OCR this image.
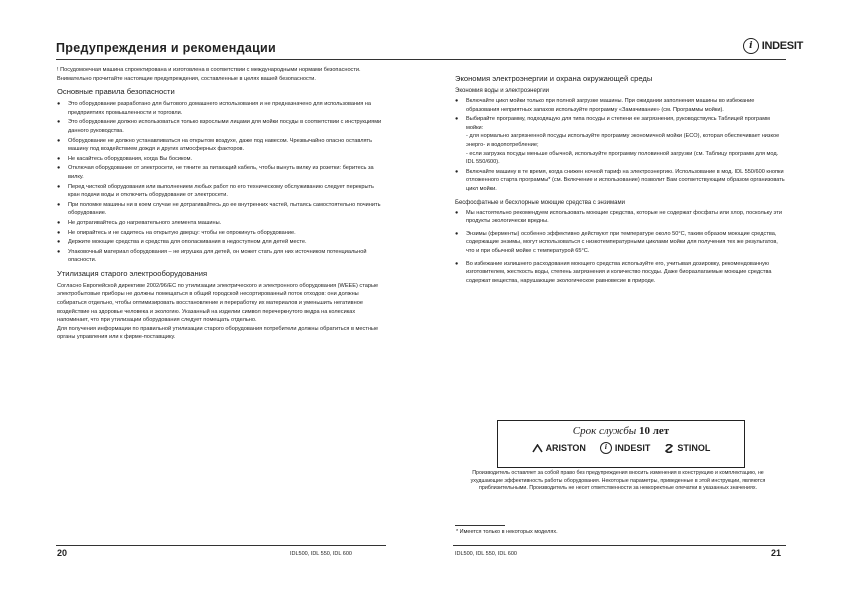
Предупреждения и рекомендации	i INDESIT

! Посудомоечная машина спроектирована и изготовлена в соответствии с международными нормами безопасности. Внимательно прочитайте настоящие предупреждения, составленные в целях вашей безопасности.

Основные правила безопасности
● Это оборудование разработано для бытового домашнего использования и не предназначено для использования на предприятиях промышленности и торговли.
● Это оборудование должно использоваться только взрослыми лицами для мойки посуды в соответствии с инструкциями данного руководства.
● Оборудование не должно устанавливаться на открытом воздухе, даже под навесом. Чрезвычайно опасно оставлять машину под воздействием дождя и других атмосферных факторов.
● Не касайтесь оборудования, когда Вы босиком.
● Отключая оборудование от электросети, не тяните за питающий кабель, чтобы вынуть вилку из розетки: беритесь за вилку.
● Перед чисткой оборудования или выполнением любых работ по его техническому обслуживанию следует перекрыть кран подачи воды и отключить оборудование от электросети.
● При поломке машины ни в коем случае не дотрагивайтесь до ее внутренних частей, пытаясь самостоятельно починить оборудование.
● Не дотрагивайтесь до нагревательного элемента машины.
● Не опирайтесь и не садитесь на открытую дверцу: чтобы не опрокинуть оборудование.
● Держите моющие средства и средства для ополаскивания в недоступном для детей месте.
● Упаковочный материал оборудования – не игрушка для детей, он может стать для них источником потенциальной опасности.
Утилизация старого электрооборудования

Согласно Европейской директиве 2002/96/EC по утилизации электрического и электронного оборудования (WEEE) старые электробытовые приборы не должны помещаться в общий городской несортированный поток отходов: они должны собираться отдельно, чтобы оптимизировать восстановление и переработку их материалов и уменьшить негативное воздействие на здоровье человека и экологию. Указанный на изделии символ перечеркнутого ведра на колесиках напоминает, что при утилизации оборудования следует помещать отдельно.

Для получения информации по правильной утилизации старого оборудования потребители должны обратиться в местные органы управления или к фирме-поставщику.

Экономия электроэнергии и охрана окружающей среды
Экономия воды и электроэнергии
● Включайте цикл мойки только при полной загрузке машины. При ожидании заполнения машины во избежание образования неприятных запахов используйте программу «Замачивание» (см. Программы мойки).
● Выбирайте программу, подходящую для типа посуды и степени ее загрязнения, руководствуясь Таблицей программ мойки:
- для нормально загрязненной посуды используйте программу экономичной мойки (ECO), которая обеспечивает низкое энерго- и водопотребление;
- если загрузка посуды меньше обычной, используйте программу половинной загрузки (см. Таблицу программ для мод. IDL 550/600).
● Включайте машину в те время, когда снижен ночной тариф на электроэнергию. Использование в мод. IDL 550/600 кнопки отложенного старта программы* (см. Включение и использование) позволит Вам соответствующим образом организовать цикл мойки.
Бесфосфатные и бесхлорные моющие средства с энзимами
● Мы настоятельно рекомендуем использовать моющие средства, которые не содержат фосфаты или хлор, поскольку эти продукты экологически вредны.
● Энзимы (ферменты) особенно эффективно действуют при температуре около 50°C, таким образом моющие средства, содержащие энзимы, могут использоваться с низкотемпературными циклами мойки для получения тех же результатов, что и при обычной мойке с температурой 65°C.
● Во избежание излишнего расходования моющего средства используйте его, учитывая дозировку, рекомендованную изготовителем, жесткость воды, степень загрязнения и количество посуды. Даже биоразлагаемые моющие средства содержат вещества, нарушающие экологическое равновесие в природе.
Срок службы 10 лет
ARISTON	i INDESIT	STINOL
Производитель оставляет за собой право без предупреждения вносить изменения в конструкцию и комплектацию, не ухудшающие эффективность работы оборудования. Некоторые параметры, приведенные в этой инструкции, являются приблизительными. Производитель не несет ответственности за неккоректные опечатки в указанных значениях.
* Имеется только в некоторых моделях.
20	IDL500, IDL 550, IDL 600	IDL500, IDL 550, IDL 600	21
